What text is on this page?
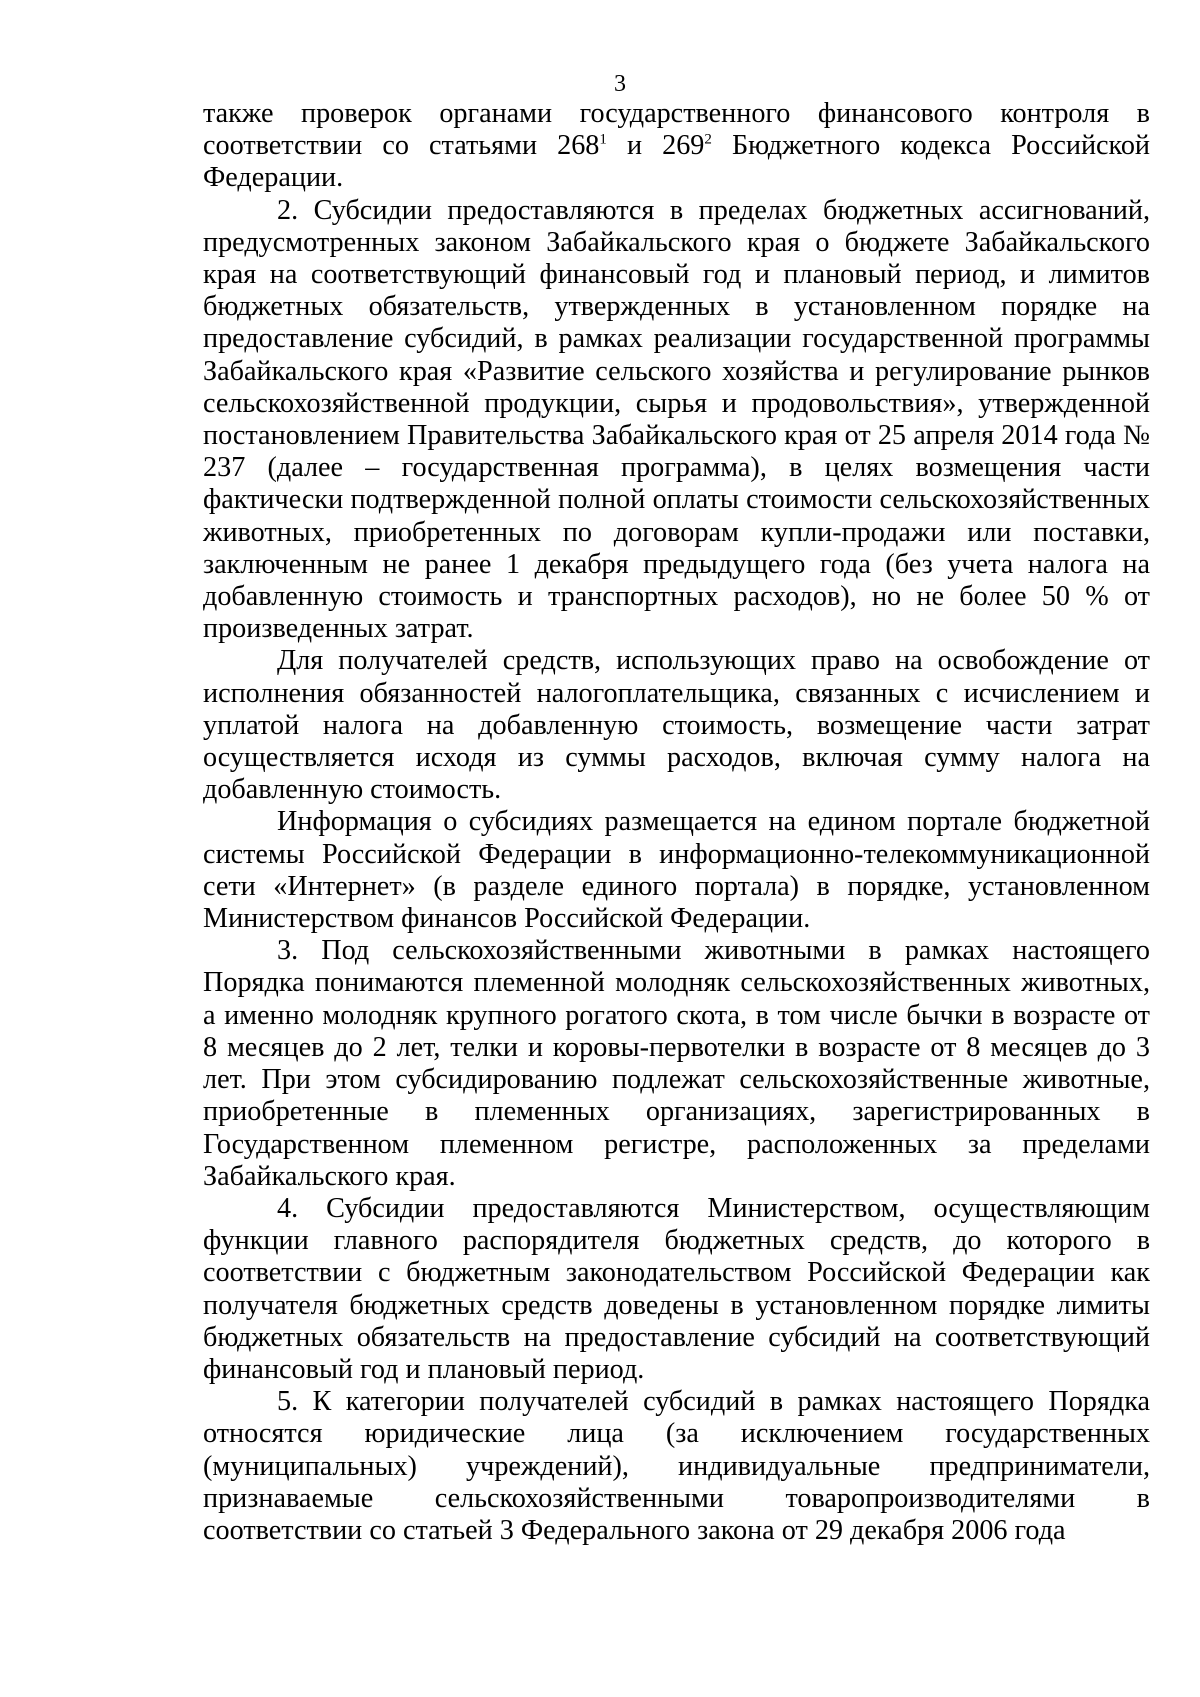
3

также проверок органами государственного финансового контроля в соответствии со статьями $268^1$ и $269^2$ Бюджетного кодекса Российской Федерации.

2. Субсидии предоставляются в пределах бюджетных ассигнований, предусмотренных законом Забайкальского края о бюджете Забайкальского края на соответствующий финансовый год и плановый период, и лимитов бюджетных обязательств, утвержденных в установленном порядке на предоставление субсидий, в рамках реализации государственной программы Забайкальского края «Развитие сельского хозяйства и регулирование рынков сельскохозяйственной продукции, сырья и продовольствия», утвержденной постановлением Правительства Забайкальского края от 25 апреля 2014 года № 237 (далее – государственная программа), в целях возмещения части фактически подтвержденной полной оплаты стоимости сельскохозяйственных животных, приобретенных по договорам купли-продажи или поставки, заключенным не ранее 1 декабря предыдущего года (без учета налога на добавленную стоимость и транспортных расходов), но не более 50 % от произведенных затрат.

Для получателей средств, использующих право на освобождение от исполнения обязанностей налогоплательщика, связанных с исчислением и уплатой налога на добавленную стоимость, возмещение части затрат осуществляется исходя из суммы расходов, включая сумму налога на добавленную стоимость.

Информация о субсидиях размещается на едином портале бюджетной системы Российской Федерации в информационно-телекоммуникационной сети «Интернет» (в разделе единого портала) в порядке, установленном Министерством финансов Российской Федерации.

3. Под сельскохозяйственными животными в рамках настоящего Порядка понимаются племенной молодняк сельскохозяйственных животных, а именно молодняк крупного рогатого скота, в том числе бычки в возрасте от 8 месяцев до 2 лет, телки и коровы-первотелки в возрасте от 8 месяцев до 3 лет. При этом субсидированию подлежат сельскохозяйственные животные, приобретенные в племенных организациях, зарегистрированных в Государственном племенном регистре, расположенных за пределами Забайкальского края.

4. Субсидии предоставляются Министерством, осуществляющим функции главного распорядителя бюджетных средств, до которого в соответствии с бюджетным законодательством Российской Федерации как получателя бюджетных средств доведены в установленном порядке лимиты бюджетных обязательств на предоставление субсидий на соответствующий финансовый год и плановый период.

5. К категории получателей субсидий в рамках настоящего Порядка относятся юридические лица (за исключением государственных (муниципальных) учреждений), индивидуальные предприниматели, признаваемые сельскохозяйственными товаропроизводителями в соответствии со статьей 3 Федерального закона от 29 декабря 2006 года
